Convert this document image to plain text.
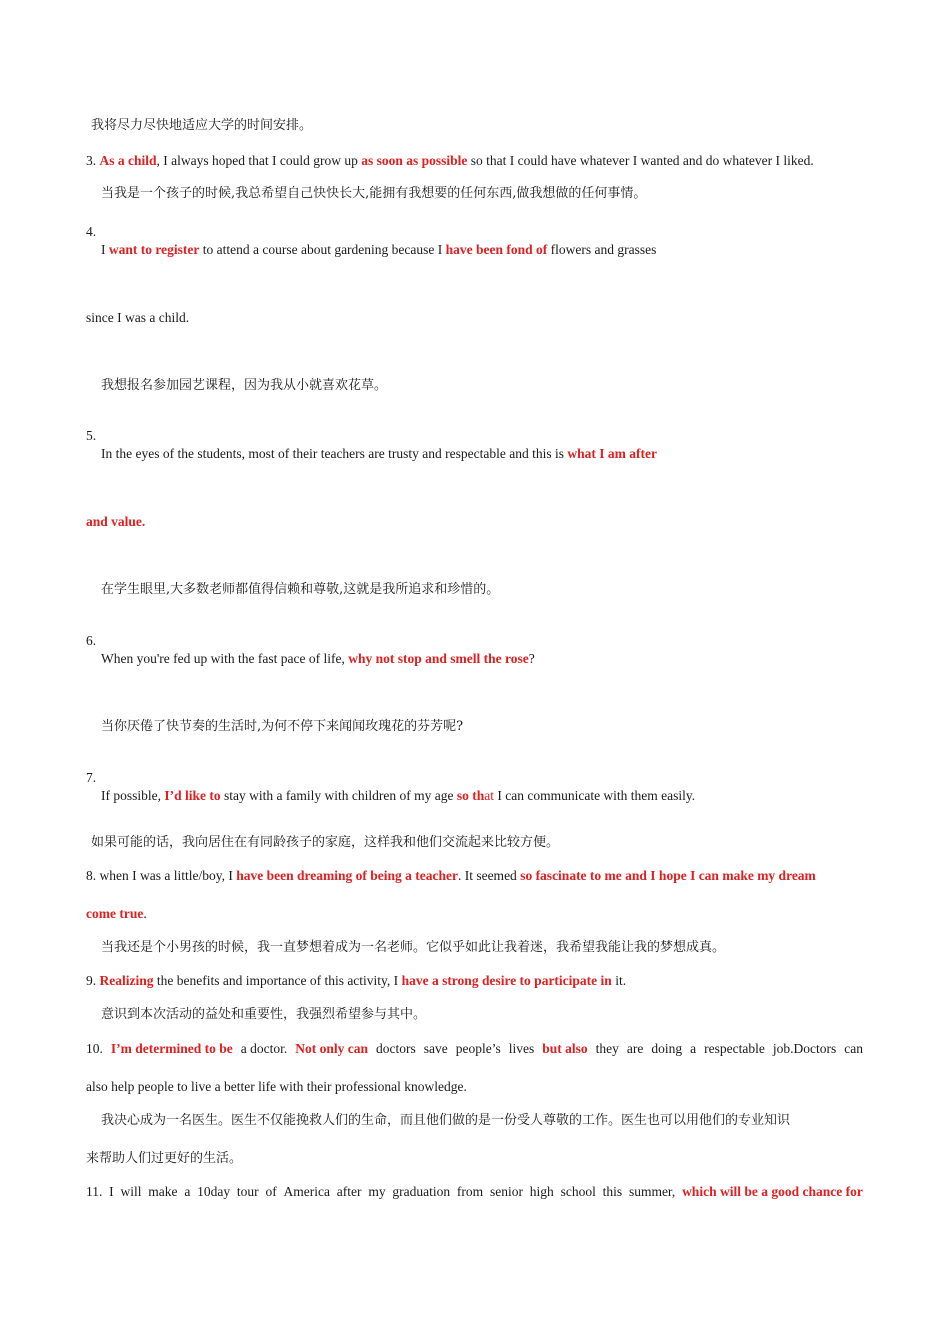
我将尽力尽快地适应大学的时间安排。
3. As a child, I always hoped that I could grow up as soon as possible so that I could have whatever I wanted and do whatever I liked.
当我是一个孩子的时候,我总希望自己快快长大,能拥有我想要的任何东西,做我想做的任何事情。
4.
I want to register to attend a course about gardening because I have been fond of flowers and grasses
since I was a child.
我想报名参加园艺课程，因为我从小就喜欢花草。
5.
In the eyes of the students, most of their teachers are trusty and respectable and this is what I am after
and value.
在学生眼里,大多数老师都值得信赖和尊敬,这就是我所追求和珍惜的。
6.
When you're fed up with the fast pace of life, why not stop and smell the rose?
当你厌倦了快节奏的生活时,为何不停下来闻闻玫瑰花的芬芳呢?
7.
If possible, I’d like to stay with a family with children of my age so that I can communicate with them easily.
如果可能的话，我向居住在有同龄孩子的家庭，这样我和他们交流起来比较方便。
8. when I was a little/boy, I have been dreaming of being a teacher. It seemed so fascinate to me and I hope I can make my dream
come true.
当我还是个小男孩的时候，我一直梦想着成为一名老师。它似乎如此让我着迷，我希望我能让我的梦想成真。
9. Realizing the benefits and importance of this activity, I have a strong desire to participate in it.
意识到本次活动的益处和重要性，我强烈希望参与其中。
10. I’m determined to be a doctor. Not only can doctors save people’s lives but also they are doing a respectable job.Doctors can
also help people to live a better life with their professional knowledge.
我决心成为一名医生。医生不仅能挽救人们的生命，而且他们做的是一份受人尊敬的工作。医生也可以用他们的专业知识
来帮助人们过更好的生活。
11. I will make a 10day tour of America after my graduation from senior high school this summer, which will be a good chance for
